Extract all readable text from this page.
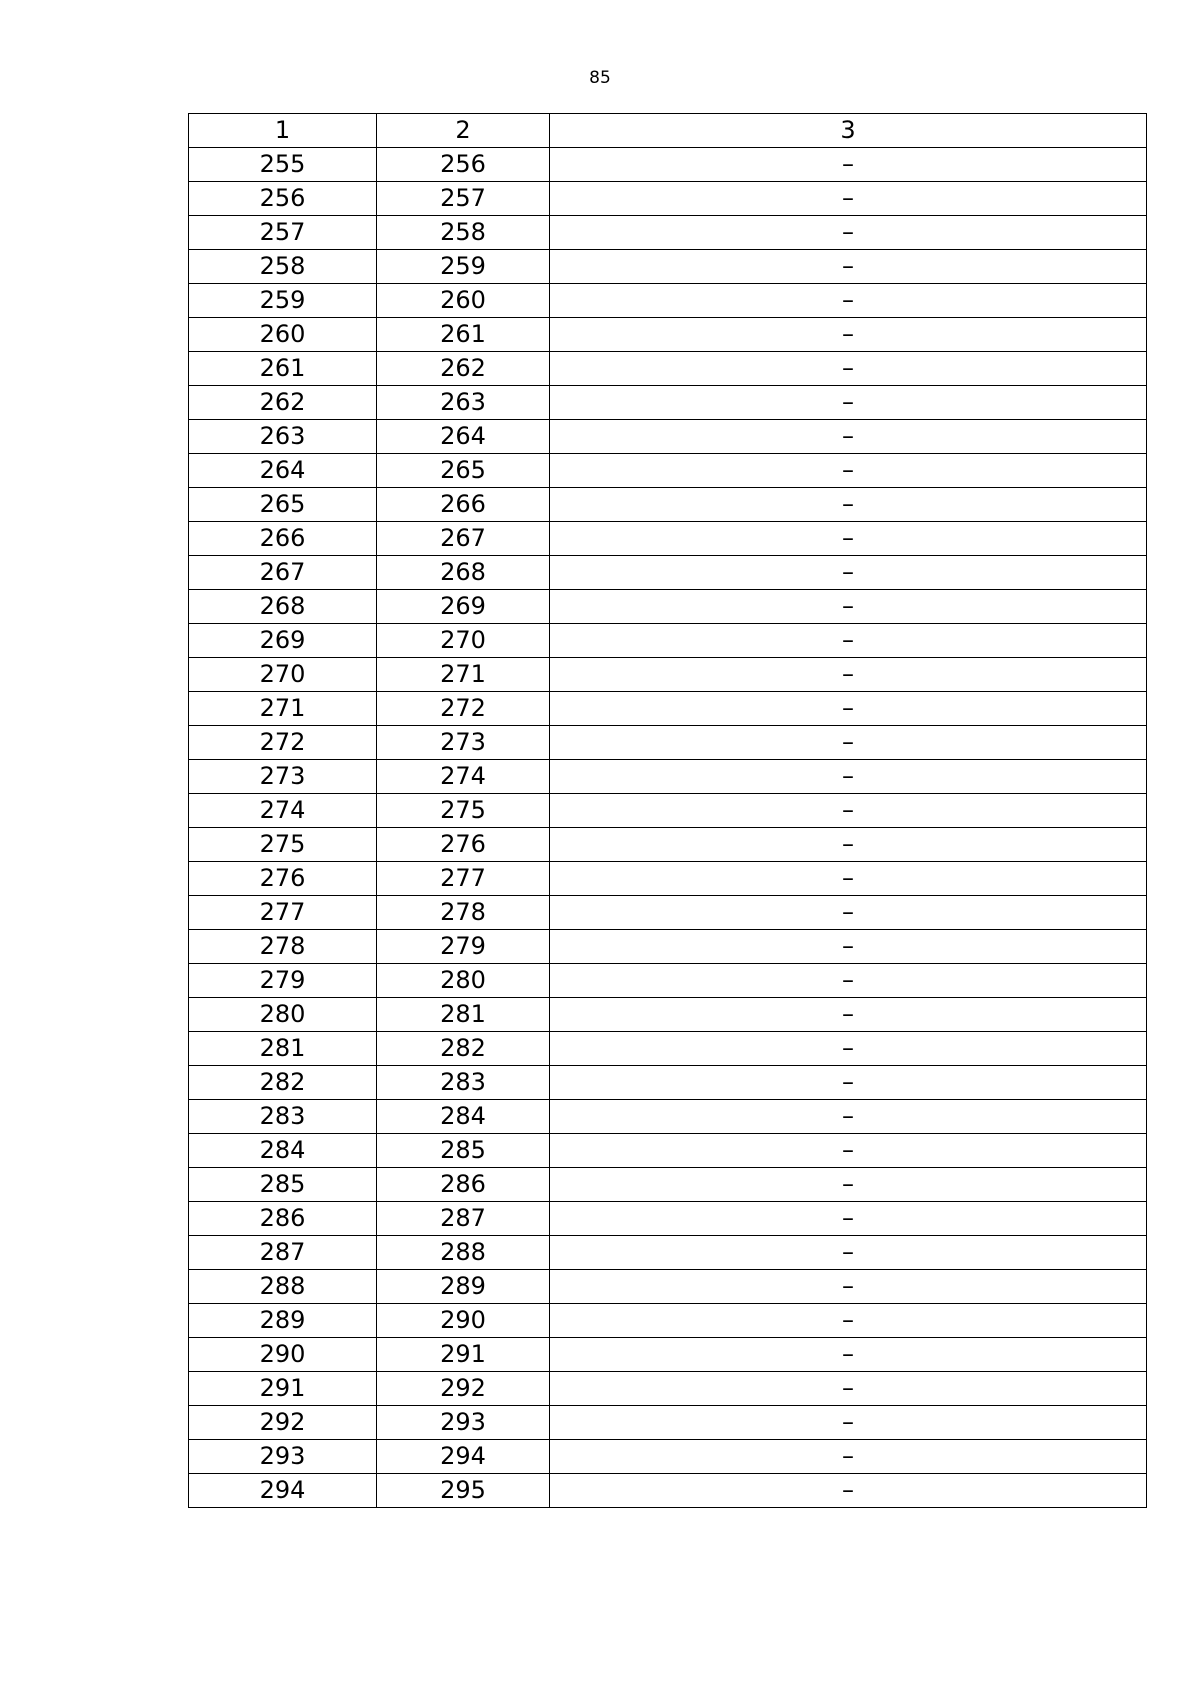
85
1	2	3
255	256	–
256	257	–
257	258	–
258	259	–
259	260	–
260	261	–
261	262	–
262	263	–
263	264	–
264	265	–
265	266	–
266	267	–
267	268	–
268	269	–
269	270	–
270	271	–
271	272	–
272	273	–
273	274	–
274	275	–
275	276	–
276	277	–
277	278	–
278	279	–
279	280	–
280	281	–
281	282	–
282	283	–
283	284	–
284	285	–
285	286	–
286	287	–
287	288	–
288	289	–
289	290	–
290	291	–
291	292	–
292	293	–
293	294	–
294	295	–
